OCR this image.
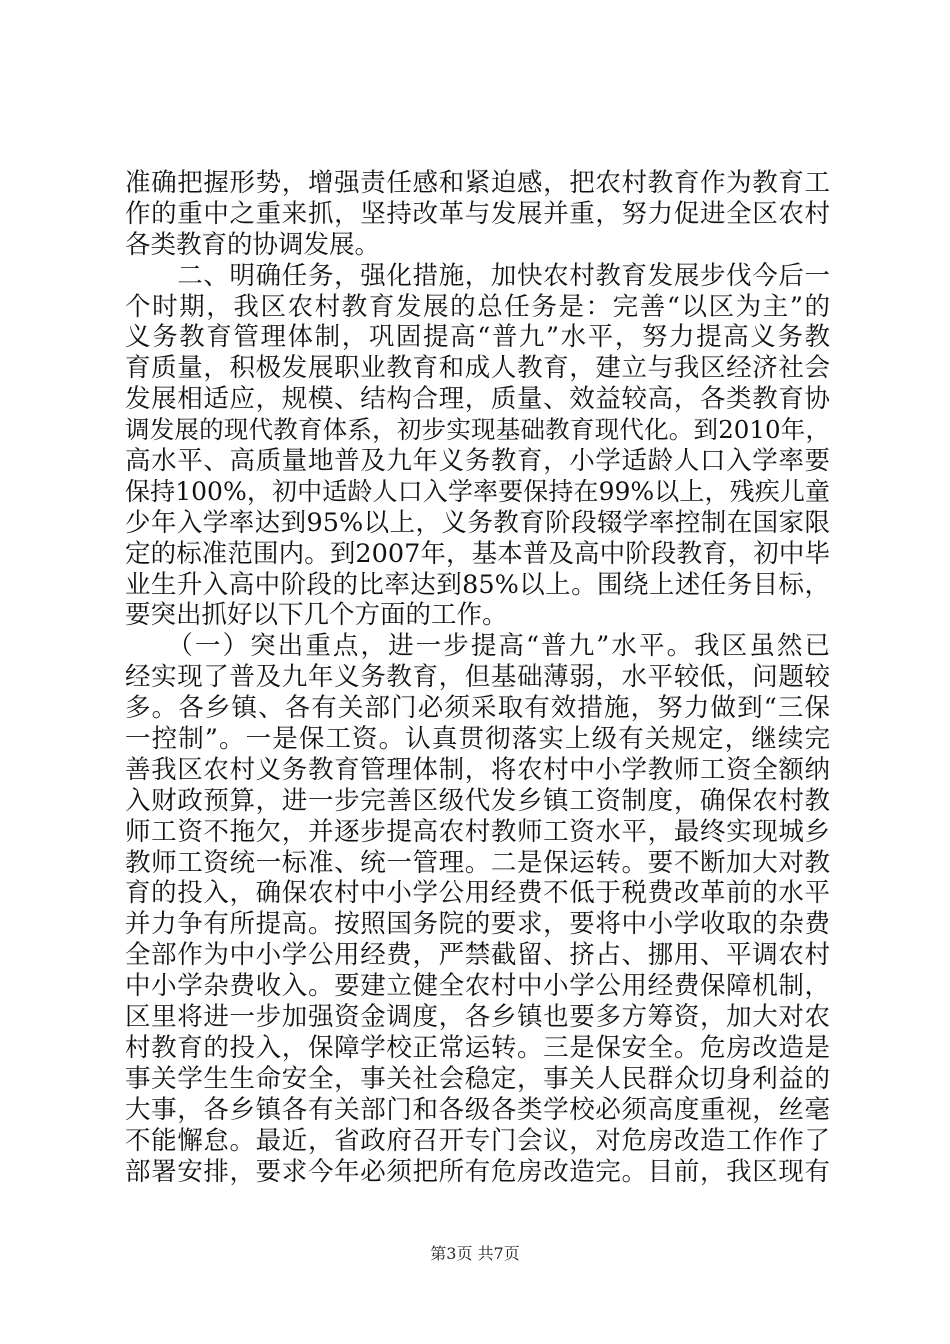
准确把握形势，增强责任感和紧迫感，把农村教育作为教育工
作的重中之重来抓，坚持改革与发展并重，努力促进全区农村
各类教育的协调发展。
　　二、明确任务，强化措施，加快农村教育发展步伐今后一
个时期，我区农村教育发展的总任务是：完善“以区为主”的
义务教育管理体制，巩固提高“普九”水平，努力提高义务教
育质量，积极发展职业教育和成人教育，建立与我区经济社会
发展相适应，规模、结构合理，质量、效益较高，各类教育协
调发展的现代教育体系，初步实现基础教育现代化。到2010年，
高水平、高质量地普及九年义务教育，小学适龄人口入学率要
保持100%，初中适龄人口入学率要保持在99%以上，残疾儿童
少年入学率达到95%以上，义务教育阶段辍学率控制在国家限
定的标准范围内。到2007年，基本普及高中阶段教育，初中毕
业生升入高中阶段的比率达到85%以上。围绕上述任务目标，
要突出抓好以下几个方面的工作。
　　（一）突出重点，进一步提高“普九”水平。我区虽然已
经实现了普及九年义务教育，但基础薄弱，水平较低，问题较
多。各乡镇、各有关部门必须采取有效措施，努力做到“三保
一控制”。一是保工资。认真贯彻落实上级有关规定，继续完
善我区农村义务教育管理体制，将农村中小学教师工资全额纳
入财政预算，进一步完善区级代发乡镇工资制度，确保农村教
师工资不拖欠，并逐步提高农村教师工资水平，最终实现城乡
教师工资统一标准、统一管理。二是保运转。要不断加大对教
育的投入，确保农村中小学公用经费不低于税费改革前的水平
并力争有所提高。按照国务院的要求，要将中小学收取的杂费
全部作为中小学公用经费，严禁截留、挤占、挪用、平调农村
中小学杂费收入。要建立健全农村中小学公用经费保障机制，
区里将进一步加强资金调度，各乡镇也要多方筹资，加大对农
村教育的投入，保障学校正常运转。三是保安全。危房改造是
事关学生生命安全，事关社会稳定，事关人民群众切身利益的
大事，各乡镇各有关部门和各级各类学校必须高度重视，丝毫
不能懈怠。最近，省政府召开专门会议，对危房改造工作作了
部署安排，要求今年必须把所有危房改造完。目前，我区现有
第3页 共7页
